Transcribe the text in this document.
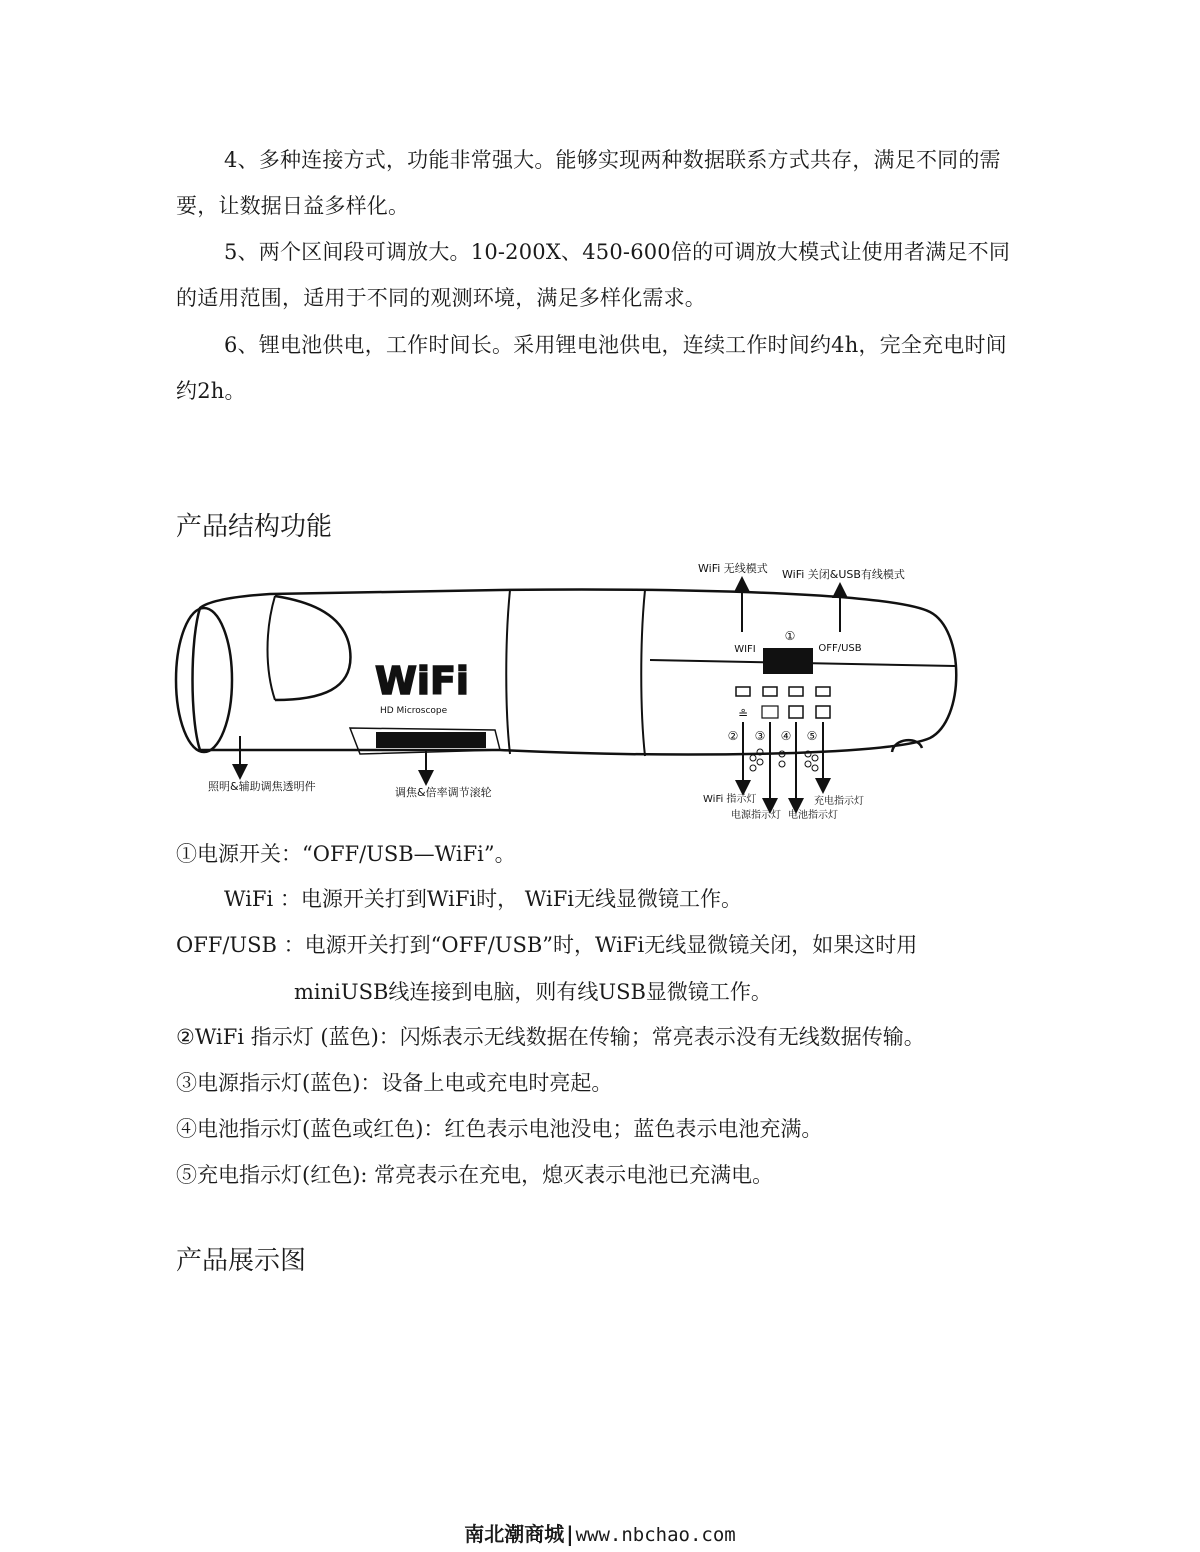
4、多种连接方式，功能非常强大。能够实现两种数据联系方式共存，满足不同的需要，让数据日益多样化。

5、两个区间段可调放大。10-200X、450-600倍的可调放大模式让使用者满足不同的适用范围，适用于不同的观测环境，满足多样化需求。

6、锂电池供电，工作时间长。采用锂电池供电，连续工作时间约4h，完全充电时间约2h。

产品结构功能
WiFi 无线模式 WiFi 关闭&USB有线模式
①
WIFI	OFF/USB
WiFi
HD Microscope	≗
② ③ ④ ⑤
照明&辅助调焦透明件	调焦&倍率调节滚轮
WiFi 指示灯
电源指示灯 电池指示灯
充电指示灯

①电源开关：“OFF/USB—WiFi”。

WiFi ：电源开关打到WiFi时， WiFi无线显微镜工作。

OFF/USB ：电源开关打到“OFF/USB”时，WiFi无线显微镜关闭，如果这时用

miniUSB线连接到电脑，则有线USB显微镜工作。

②WiFi 指示灯 (蓝色)：闪烁表示无线数据在传输；常亮表示没有无线数据传输。

③电源指示灯(蓝色)：设备上电或充电时亮起。

④电池指示灯(蓝色或红色)：红色表示电池没电；蓝色表示电池充满。

⑤充电指示灯(红色): 常亮表示在充电，熄灭表示电池已充满电。

产品展示图
南北潮商城 | www.nbchao.com
